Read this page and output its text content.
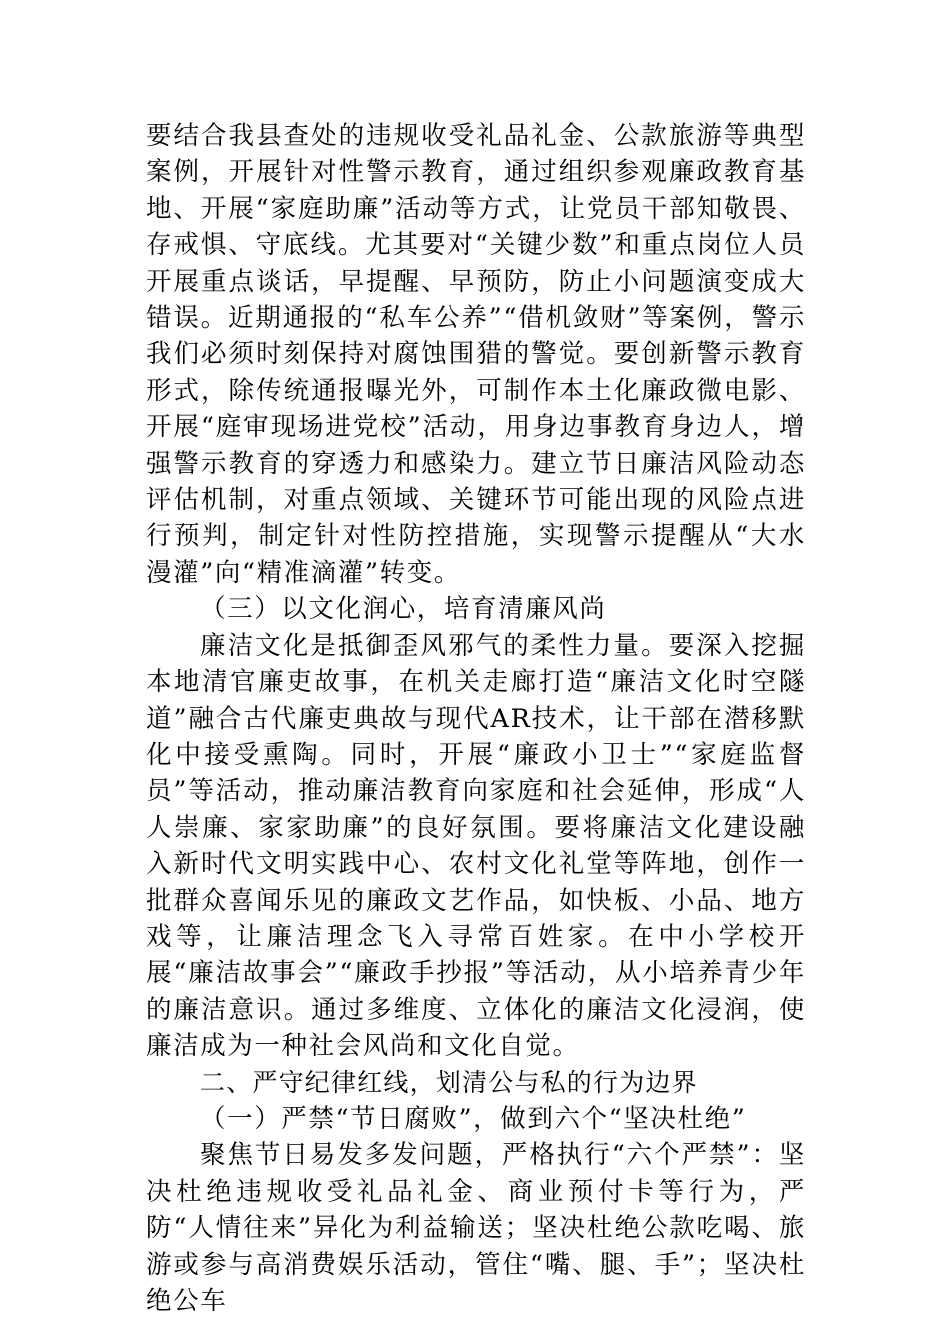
要结合我县查处的违规收受礼品礼金、公款旅游等典型案例，开展针对性警示教育，通过组织参观廉政教育基地、开展“家庭助廉”活动等方式，让党员干部知敬畏、存戒惧、守底线。尤其要对“关键少数”和重点岗位人员开展重点谈话，早提醒、早预防，防止小问题演变成大错误。近期通报的“私车公养”“借机敛财”等案例，警示我们必须时刻保持对腐蚀围猎的警觉。要创新警示教育形式，除传统通报曝光外，可制作本土化廉政微电影、开展“庭审现场进党校”活动，用身边事教育身边人，增强警示教育的穿透力和感染力。建立节日廉洁风险动态评估机制，对重点领域、关键环节可能出现的风险点进行预判，制定针对性防控措施，实现警示提醒从“大水漫灌”向“精准滴灌”转变。

（三）以文化润心，培育清廉风尚

廉洁文化是抵御歪风邪气的柔性力量。要深入挖掘本地清官廉吏故事，在机关走廊打造“廉洁文化时空隧道”融合古代廉吏典故与现代AR技术，让干部在潜移默化中接受熏陶。同时，开展“廉政小卫士”“家庭监督员”等活动，推动廉洁教育向家庭和社会延伸，形成“人人崇廉、家家助廉”的良好氛围。要将廉洁文化建设融入新时代文明实践中心、农村文化礼堂等阵地，创作一批群众喜闻乐见的廉政文艺作品，如快板、小品、地方戏等，让廉洁理念飞入寻常百姓家。在中小学校开展“廉洁故事会”“廉政手抄报”等活动，从小培养青少年的廉洁意识。通过多维度、立体化的廉洁文化浸润，使廉洁成为一种社会风尚和文化自觉。

二、严守纪律红线，划清公与私的行为边界

（一）严禁“节日腐败”，做到六个“坚决杜绝”

聚焦节日易发多发问题，严格执行“六个严禁”：坚决杜绝违规收受礼品礼金、商业预付卡等行为，严防“人情往来”异化为利益输送；坚决杜绝公款吃喝、旅游或参与高消费娱乐活动，管住“嘴、腿、手”；坚决杜绝公车
